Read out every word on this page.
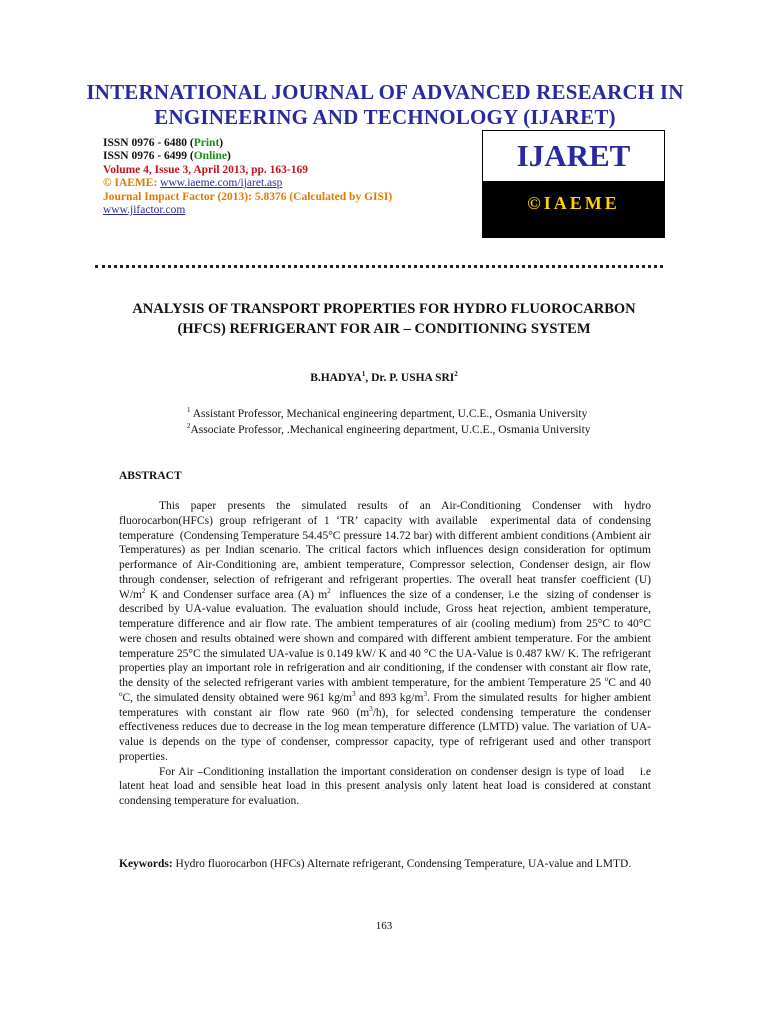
INTERNATIONAL JOURNAL OF ADVANCED RESEARCH IN ENGINEERING AND TECHNOLOGY (IJARET)
ISSN 0976 - 6480 (Print)
ISSN 0976 - 6499 (Online)
Volume 4, Issue 3, April 2013, pp. 163-169
© IAEME: www.iaeme.com/ijaret.asp
Journal Impact Factor (2013): 5.8376 (Calculated by GISI)
www.jifactor.com
IJARET
©IAEME
ANALYSIS OF TRANSPORT PROPERTIES FOR HYDRO FLUOROCARBON (HFCS) REFRIGERANT FOR AIR – CONDITIONING SYSTEM
B.HADYA$^1$, Dr. P. USHA SRI$^2$
$^1$ Assistant Professor, Mechanical engineering department, U.C.E., Osmania University
$^2$Associate Professor, .Mechanical engineering department, U.C.E., Osmania University
ABSTRACT

This paper presents the simulated results of an Air-Conditioning Condenser with hydro fluorocarbon(HFCs) group refrigerant of 1 ‘TR’ capacity with available  experimental data of condensing temperature  (Condensing Temperature 54.45°C pressure 14.72 bar) with different ambient conditions (Ambient air Temperatures) as per Indian scenario. The critical factors which influences design consideration for optimum performance of Air-Conditioning are, ambient temperature, Compressor selection, Condenser design, air flow through condenser, selection of refrigerant and refrigerant properties. The overall heat transfer coefficient (U) $W/m^2$ K and Condenser surface area (A) $m^2$  influences the size of a condenser, i.e the  sizing of condenser is described by UA-value evaluation. The evaluation should include, Gross heat rejection, ambient temperature, temperature difference and air flow rate. The ambient temperatures of air (cooling medium) from 25°C to 40°C were chosen and results obtained were shown and compared with different ambient temperature. For the ambient temperature 25°C the simulated UA-value is 0.149 kW/ K and 40 °C the UA-Value is 0.487 kW/ K. The refrigerant properties play an important role in refrigeration and air conditioning, if the condenser with constant air flow rate, the density of the selected refrigerant varies with ambient temperature, for the ambient Temperature 25 $^o$C and 40 $^o$C, the simulated density obtained were 961 $kg/m^3$ and 893 $kg/m^3$. From the simulated results  for higher ambient temperatures with constant air flow rate 960 $(m^3/h)$, for selected condensing temperature the condenser effectiveness reduces due to decrease in the log mean temperature difference (LMTD) value. The variation of UA-value is depends on the type of condenser, compressor capacity, type of refrigerant used and other transport properties.

For Air –Conditioning installation the important consideration on condenser design is type of load    i.e latent heat load and sensible heat load in this present analysis only latent heat load is considered at constant condensing temperature for evaluation.

Keywords: Hydro fluorocarbon (HFCs) Alternate refrigerant, Condensing Temperature, UA-value and LMTD.
163
